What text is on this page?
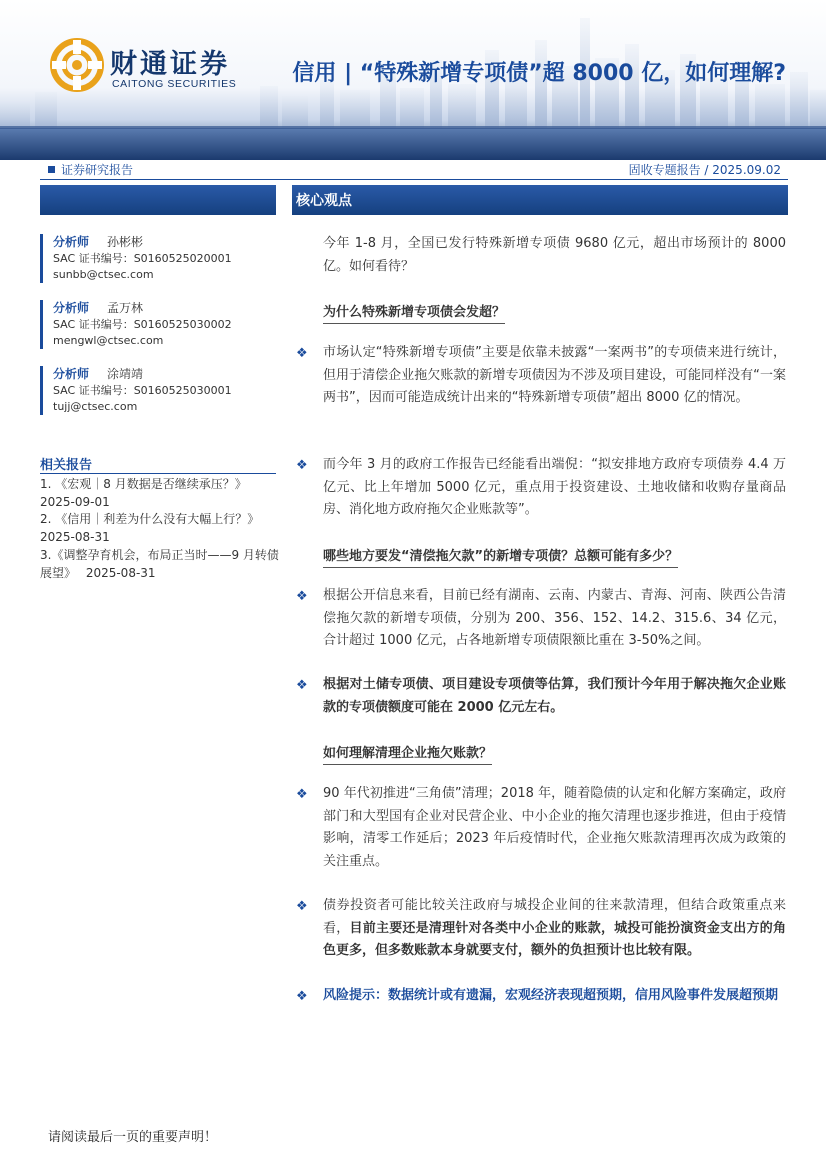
财通证券
CAITONG SECURITIES	信用 | “特殊新增专项债”超 8000 亿，如何理解?
证券研究报告	固收专题报告 / 2025.09.02
分析师 孙彬彬
SAC 证书编号：S0160525020001
sunbb@ctsec.com
分析师 孟万林
SAC 证书编号：S0160525030002
mengwl@ctsec.com
分析师 涂靖靖
SAC 证书编号：S0160525030001
tujj@ctsec.com
相关报告
1. 《宏观｜8 月数据是否继续承压？》 2025-09-01
2. 《信用｜利差为什么没有大幅上行？》 2025-08-31
3.《调整孕育机会，布局正当时——9 月转债展望》　 2025-08-31
核心观点
今年 1-8 月，全国已发行特殊新增专项债 9680 亿元，超出市场预计的 8000 亿。如何看待？
为什么特殊新增专项债会发超？
❖ 市场认定“特殊新增专项债”主要是依靠未披露“一案两书”的专项债来进行统计，但用于清偿企业拖欠账款的新增专项债因为不涉及项目建设，可能同样没有“一案两书”，因而可能造成统计出来的“特殊新增专项债”超出 8000 亿的情况。
❖ 而今年 3 月的政府工作报告已经能看出端倪：“拟安排地方政府专项债券 4.4 万亿元、比上年增加 5000 亿元，重点用于投资建设、土地收储和收购存量商品房、消化地方政府拖欠企业账款等”。
哪些地方要发“清偿拖欠款”的新增专项债？总额可能有多少？
❖ 根据公开信息来看，目前已经有湖南、云南、内蒙古、青海、河南、陕西公告清偿拖欠款的新增专项债，分别为 200、356、152、14.2、315.6、34 亿元，合计超过 1000 亿元，占各地新增专项债限额比重在 3-50%之间。
❖ 根据对土储专项债、项目建设专项债等估算，我们预计今年用于解决拖欠企业账款的专项债额度可能在 2000 亿元左右。
如何理解清理企业拖欠账款？
❖ 90 年代初推进“三角债”清理；2018 年，随着隐债的认定和化解方案确定，政府部门和大型国有企业对民营企业、中小企业的拖欠清理也逐步推进，但由于疫情影响，清零工作延后；2023 年后疫情时代，企业拖欠账款清理再次成为政策的关注重点。
❖ 债券投资者可能比较关注政府与城投企业间的往来款清理，但结合政策重点来看，目前主要还是清理针对各类中小企业的账款，城投可能扮演资金支出方的角色更多，但多数账款本身就要支付，额外的负担预计也比较有限。
❖ 风险提示：数据统计或有遗漏，宏观经济表现超预期，信用风险事件发展超预期
请阅读最后一页的重要声明！
